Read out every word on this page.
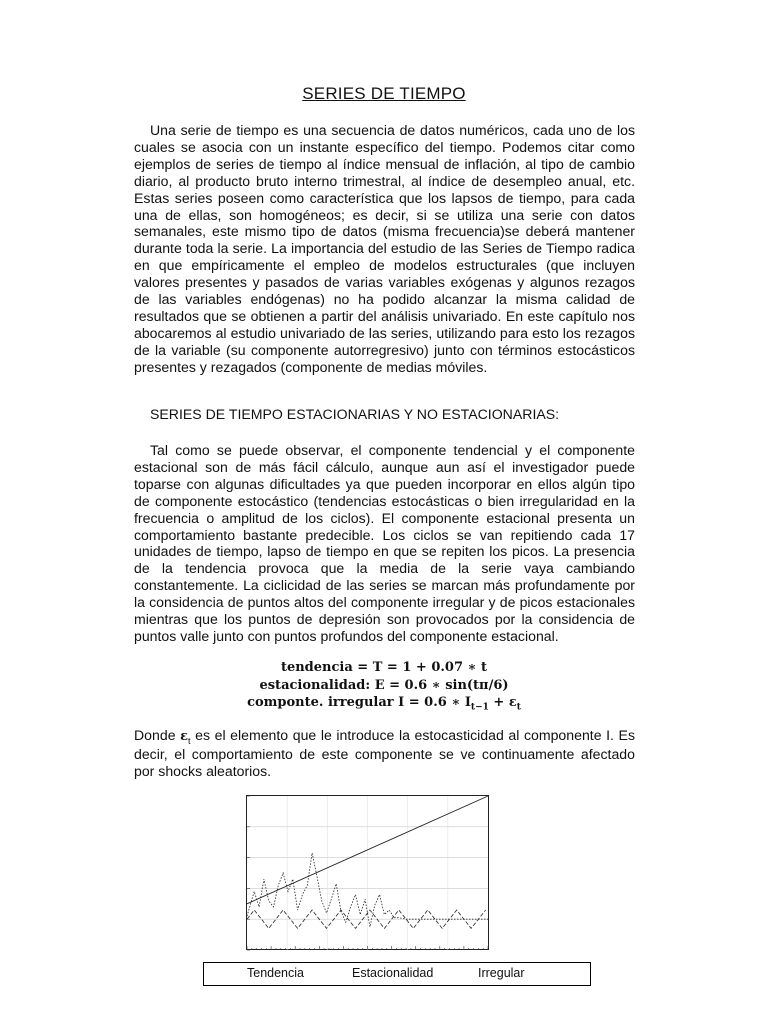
SERIES DE TIEMPO

Una serie de tiempo es una secuencia de datos numéricos, cada uno de los cuales se asocia con un instante específico del tiempo. Podemos citar como ejemplos de series de tiempo al índice mensual de inflación, al tipo de cambio diario, al producto bruto interno trimestral, al índice de desempleo anual, etc. Estas series poseen como característica que los lapsos de tiempo, para cada una de ellas, son homogéneos; es decir, si se utiliza una serie con datos semanales, este mismo tipo de datos (misma frecuencia)se deberá mantener durante toda la serie. La importancia del estudio de las Series de Tiempo radica en que empíricamente el empleo de modelos estructurales (que incluyen valores presentes y pasados de varias variables exógenas y algunos rezagos de las variables endógenas) no ha podido alcanzar la misma calidad de resultados que se obtienen a partir del análisis univariado. En este capítulo nos abocaremos al estudio univariado de las series, utilizando para esto los rezagos de la variable (su componente autorregresivo) junto con términos estocásticos presentes y rezagados (componente de medias móviles.

SERIES DE TIEMPO ESTACIONARIAS Y NO ESTACIONARIAS:

Tal como se puede observar, el componente tendencial y el componente estacional son de más fácil cálculo, aunque aun así el investigador puede toparse con algunas dificultades ya que pueden incorporar en ellos algún tipo de componente estocástico (tendencias estocásticas o bien irregularidad en la frecuencia o amplitud de los ciclos). El componente estacional presenta un comportamiento bastante predecible. Los ciclos se van repitiendo cada 17 unidades de tiempo, lapso de tiempo en que se repiten los picos. La presencia de la tendencia provoca que la media de la serie vaya cambiando constantemente. La ciclicidad de las series se marcan más profundamente por la considencia de puntos altos del componente irregular y de picos estacionales mientras que los puntos de depresión son provocados por la considencia de puntos valle junto con puntos profundos del componente estacional.

tendencia = T = 1 + 0.07 ∗ t
estacionalidad: E = 0.6 ∗ sin(tπ/6)
componte. irregular I = 0.6 ∗ $I_{t-1} + \varepsilon_t$

Donde $\varepsilon_t$ es el elemento que le introduce la estocasticidad al componente I. Es decir, el comportamiento de este componente se ve continuamente afectado por shocks aleatorios.

Tendencia	Estacionalidad	Irregular
